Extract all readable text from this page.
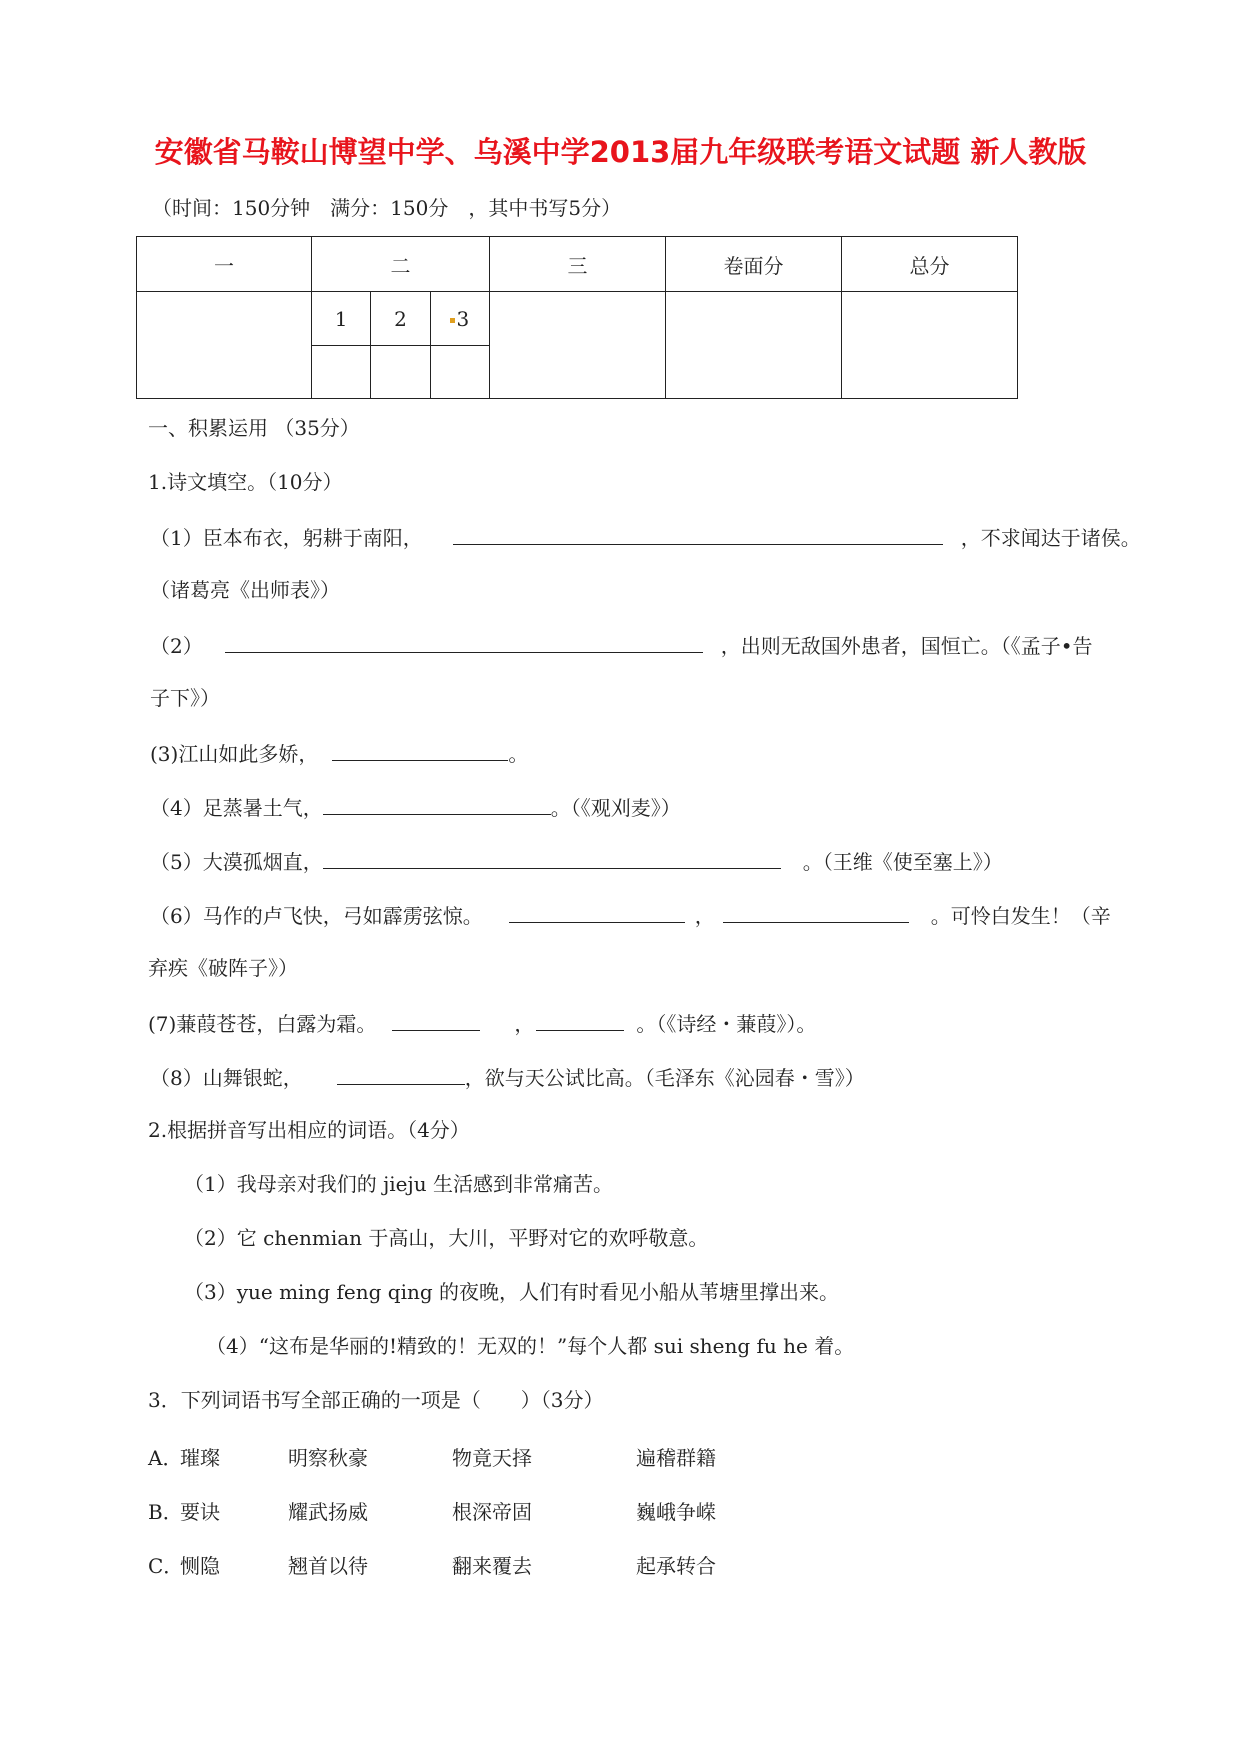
安徽省马鞍山博望中学、乌溪中学2013届九年级联考语文试题 新人教版
（时间：150分钟　满分：150分　，其中书写5分）
一	二			三	卷面分	总分
	1	2	3			

一、积累运用 （35分）
1.诗文填空。（10分）
（1）臣本布衣，躬耕于南阳，	，不求闻达于诸侯。
（诸葛亮《出师表》）
（2）	，出则无敌国外患者，国恒亡。（《孟子•告
子下》）
(3)江山如此多娇，	。
（4）足蒸暑土气，	。（《观刈麦》）
（5）大漠孤烟直，	。（王维《使至塞上》）
（6）马作的卢飞快，弓如霹雳弦惊。	，	。可怜白发生！（辛
弃疾《破阵子》）
(7)蒹葭苍苍，白露为霜。	，	。（《诗经・蒹葭》）。
（8）山舞银蛇，	，欲与天公试比高。（毛泽东《沁园春・雪》）
2.根据拼音写出相应的词语。（4分）
（1）我母亲对我们的 jieju 生活感到非常痛苦。
（2）它 chenmian 于高山，大川，平野对它的欢呼敬意。
（3）yue ming feng qing 的夜晚，人们有时看见小船从苇塘里撑出来。
（4）“这布是华丽的!精致的！无双的！”每个人都 sui sheng fu he 着。
3．下列词语书写全部正确的一项是（　　）（3分）
A．
璀璨	明察秋豪	物竟天择	遍稽群籍
B．
要诀	耀武扬威	根深帝固	巍峨争嵘
C．
恻隐	翘首以待	翻来覆去	起承转合
